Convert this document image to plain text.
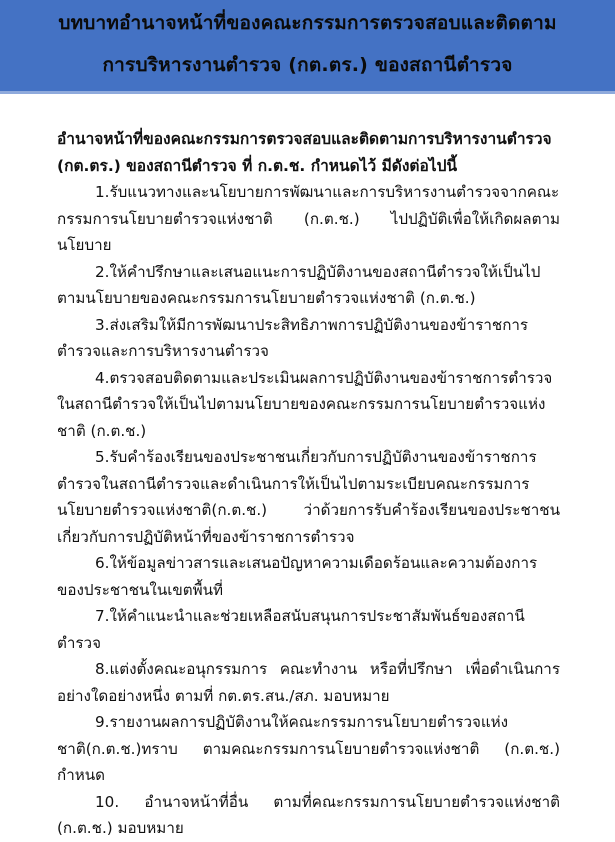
บทบาทอำนาจหน้าที่ของคณะกรรมการตรวจสอบและติดตาม
การบริหารงานตำรวจ (กต.ตร.) ของสถานีตำรวจ

อำนาจหน้าที่ของคณะกรรมการตรวจสอบและติดตามการบริหารงานตำรวจ (กต.ตร.) ของสถานีตำรวจ ที่ ก.ต.ช. กำหนดไว้ มีดังต่อไปนี้

1.รับแนวทางและนโยบายการพัฒนาและการบริหารงานตำรวจจากคณะกรรมการนโยบายตำรวจแห่งชาติ (ก.ต.ช.) ไปปฏิบัติเพื่อให้เกิดผลตามนโยบาย

2.ให้คำปรึกษาและเสนอแนะการปฏิบัติงานของสถานีตำรวจให้เป็นไปตามนโยบายของคณะกรรมการนโยบายตำรวจแห่งชาติ (ก.ต.ช.)

3.ส่งเสริมให้มีการพัฒนาประสิทธิภาพการปฏิบัติงานของข้าราชการตำรวจและการบริหารงานตำรวจ

4.ตรวจสอบติดตามและประเมินผลการปฏิบัติงานของข้าราชการตำรวจในสถานีตำรวจให้เป็นไปตามนโยบายของคณะกรรมการนโยบายตำรวจแห่งชาติ (ก.ต.ช.)

5.รับคำร้องเรียนของประชาชนเกี่ยวกับการปฏิบัติงานของข้าราชการตำรวจในสถานีตำรวจและดำเนินการให้เป็นไปตามระเบียบคณะกรรมการนโยบายตำรวจแห่งชาติ(ก.ต.ช.) ว่าด้วยการรับคำร้องเรียนของประชาชนเกี่ยวกับการปฏิบัติหน้าที่ของข้าราชการตำรวจ

6.ให้ข้อมูลข่าวสารและเสนอปัญหาความเดือดร้อนและความต้องการของประชาชนในเขตพื้นที่

7.ให้คำแนะนำและช่วยเหลือสนับสนุนการประชาสัมพันธ์ของสถานีตำรวจ

8.แต่งตั้งคณะอนุกรรมการ คณะทำงาน หรือที่ปรึกษา เพื่อดำเนินการอย่างใดอย่างหนึ่ง ตามที่ กต.ตร.สน./สภ. มอบหมาย

9.รายงานผลการปฏิบัติงานให้คณะกรรมการนโยบายตำรวจแห่งชาติ(ก.ต.ช.)ทราบ ตามคณะกรรมการนโยบายตำรวจแห่งชาติ (ก.ต.ช.) กำหนด

10. อำนาจหน้าที่อื่น ตามที่คณะกรรมการนโยบายตำรวจแห่งชาติ (ก.ต.ช.) มอบหมาย
